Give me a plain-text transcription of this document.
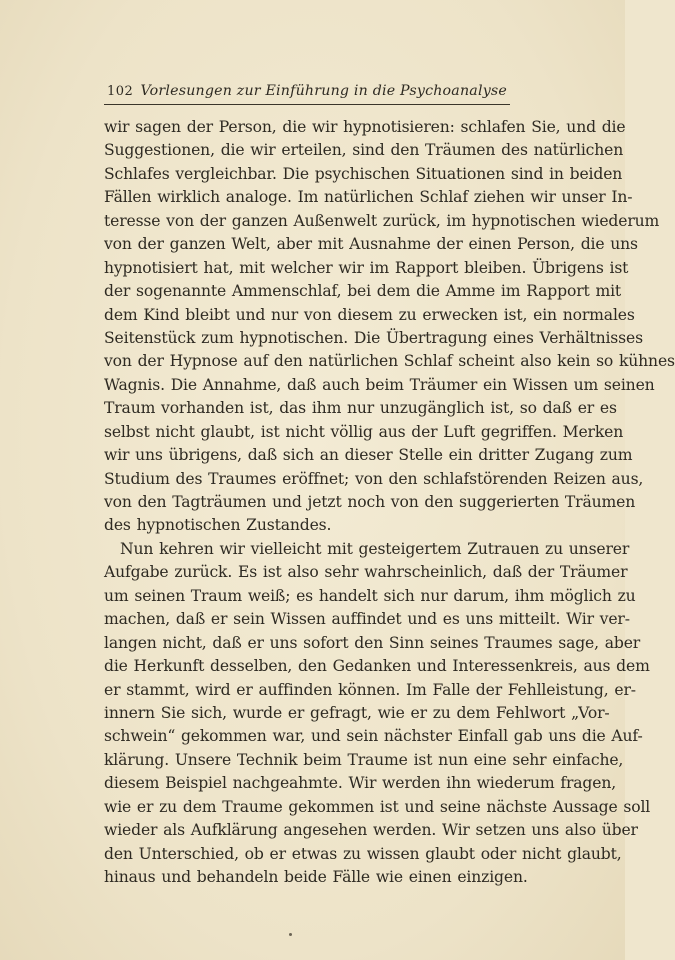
102 Vorlesungen zur Einführung in die Psychoanalyse
wir sagen der Person, die wir hypnotisieren: schlafen Sie, und die
Suggestionen, die wir erteilen, sind den Träumen des natürlichen
Schlafes vergleichbar. Die psychischen Situationen sind in beiden
Fällen wirklich analoge. Im natürlichen Schlaf ziehen wir unser In-
teresse von der ganzen Außenwelt zurück, im hypnotischen wiederum
von der ganzen Welt, aber mit Ausnahme der einen Person, die uns
hypnotisiert hat, mit welcher wir im Rapport bleiben. Übrigens ist
der sogenannte Ammenschlaf, bei dem die Amme im Rapport mit
dem Kind bleibt und nur von diesem zu erwecken ist, ein normales
Seitenstück zum hypnotischen. Die Übertragung eines Verhältnisses
von der Hypnose auf den natürlichen Schlaf scheint also kein so kühnes
Wagnis. Die Annahme, daß auch beim Träumer ein Wissen um seinen
Traum vorhanden ist, das ihm nur unzugänglich ist, so daß er es
selbst nicht glaubt, ist nicht völlig aus der Luft gegriffen. Merken
wir uns übrigens, daß sich an dieser Stelle ein dritter Zugang zum
Studium des Traumes eröffnet; von den schlafstörenden Reizen aus,
von den Tagträumen und jetzt noch von den suggerierten Träumen
des hypnotischen Zustandes.
Nun kehren wir vielleicht mit gesteigertem Zutrauen zu unserer
Aufgabe zurück. Es ist also sehr wahrscheinlich, daß der Träumer
um seinen Traum weiß; es handelt sich nur darum, ihm möglich zu
machen, daß er sein Wissen auffindet und es uns mitteilt. Wir ver-
langen nicht, daß er uns sofort den Sinn seines Traumes sage, aber
die Herkunft desselben, den Gedanken und Interessenkreis, aus dem
er stammt, wird er auffinden können. Im Falle der Fehlleistung, er-
innern Sie sich, wurde er gefragt, wie er zu dem Fehlwort „Vor-
schwein“ gekommen war, und sein nächster Einfall gab uns die Auf-
klärung. Unsere Technik beim Traume ist nun eine sehr einfache,
diesem Beispiel nachgeahmte. Wir werden ihn wiederum fragen,
wie er zu dem Traume gekommen ist und seine nächste Aussage soll
wieder als Aufklärung angesehen werden. Wir setzen uns also über
den Unterschied, ob er etwas zu wissen glaubt oder nicht glaubt,
hinaus und behandeln beide Fälle wie einen einzigen.
